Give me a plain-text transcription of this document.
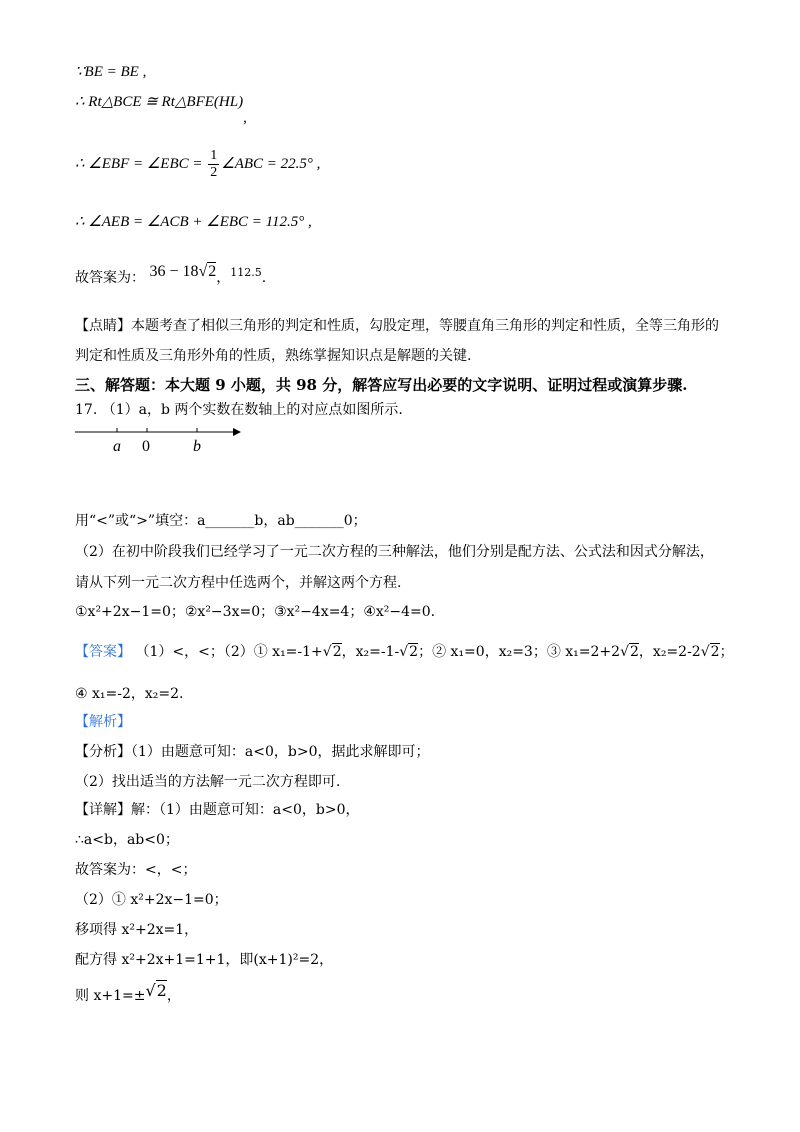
∵BE = BE ,
∴ Rt△BCE ≅ Rt△BFE(HL),
∴ ∠EBF = ∠EBC = $\frac{1}{2}$ ∠ABC = 22.5° ,
∴ ∠AEB = ∠ACB + ∠EBC = 112.5° ,
故答案为： 36 − 18√2，$^{112.5}$.
【点睛】本题考查了相似三角形的判定和性质，勾股定理，等腰直角三角形的判定和性质，全等三角形的
判定和性质及三角形外角的性质，熟练掌握知识点是解题的关键.
三、解答题：本大题 9 小题，共 98 分，解答应写出必要的文字说明、证明过程或演算步骤.
17. （1）a，b 两个实数在数轴上的对应点如图所示.
a 0	b
用“<”或“>”填空：a_______b，ab_______0；
（2）在初中阶段我们已经学习了一元二次方程的三种解法，他们分别是配方法、公式法和因式分解法，
请从下列一元二次方程中任选两个，并解这两个方程.
①x²+2x−1=0；②x²−3x=0；③x²−4x=4；④x²−4=0.
【答案】 （1）<，<；（2）① x₁=-1+√2，x₂=-1-√2；② x₁=0，x₂=3；③ x₁=2+2√2，x₂=2-2√2；
④ x₁=-2，x₂=2.
【解析】
【分析】（1）由题意可知：a<0，b>0，据此求解即可；
（2）找出适当的方法解一元二次方程即可.
【详解】解：（1）由题意可知：a<0，b>0，
∴a<b，ab<0；
故答案为：<，<；
（2）① x²+2x−1=0；
移项得 x²+2x=1，
配方得 x²+2x+1=1+1，即(x+1)²=2，
则 x+1=±√2，
